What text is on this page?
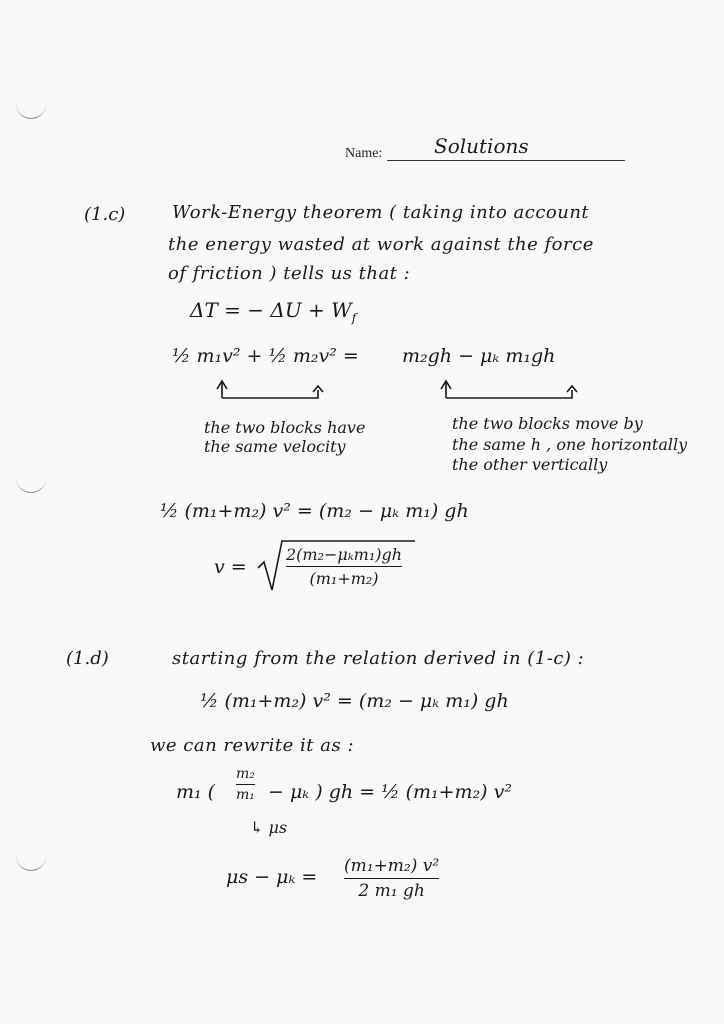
Name:	Solutions
(1.c)	Work-Energy theorem ( taking into account
the energy wasted at work against the force
of friction ) tells us that :
ΔT = − $\Delta U + W_f$
½ m₁v² + ½ m₂v² = m₂gh − μₖ m₁gh
the two blocks have
the same velocity
the two blocks move by
the same h , one horizontally
the other vertically
½ (m₁+m₂) v² = (m₂ − μₖ m₁) gh
v =
2(m₂−μₖm₁)gh
(m₁+m₂)
(1.d)	starting from the relation derived in (1-c) :
½ (m₁+m₂) v² = (m₂ − μₖ m₁) gh
we can rewrite it as :
m₁ (
m₂
m₁ − μₖ ) gh = ½ (m₁+m₂) v²
↳ μs
μs − μₖ = (m₁+m₂) v²
2 m₁ gh
